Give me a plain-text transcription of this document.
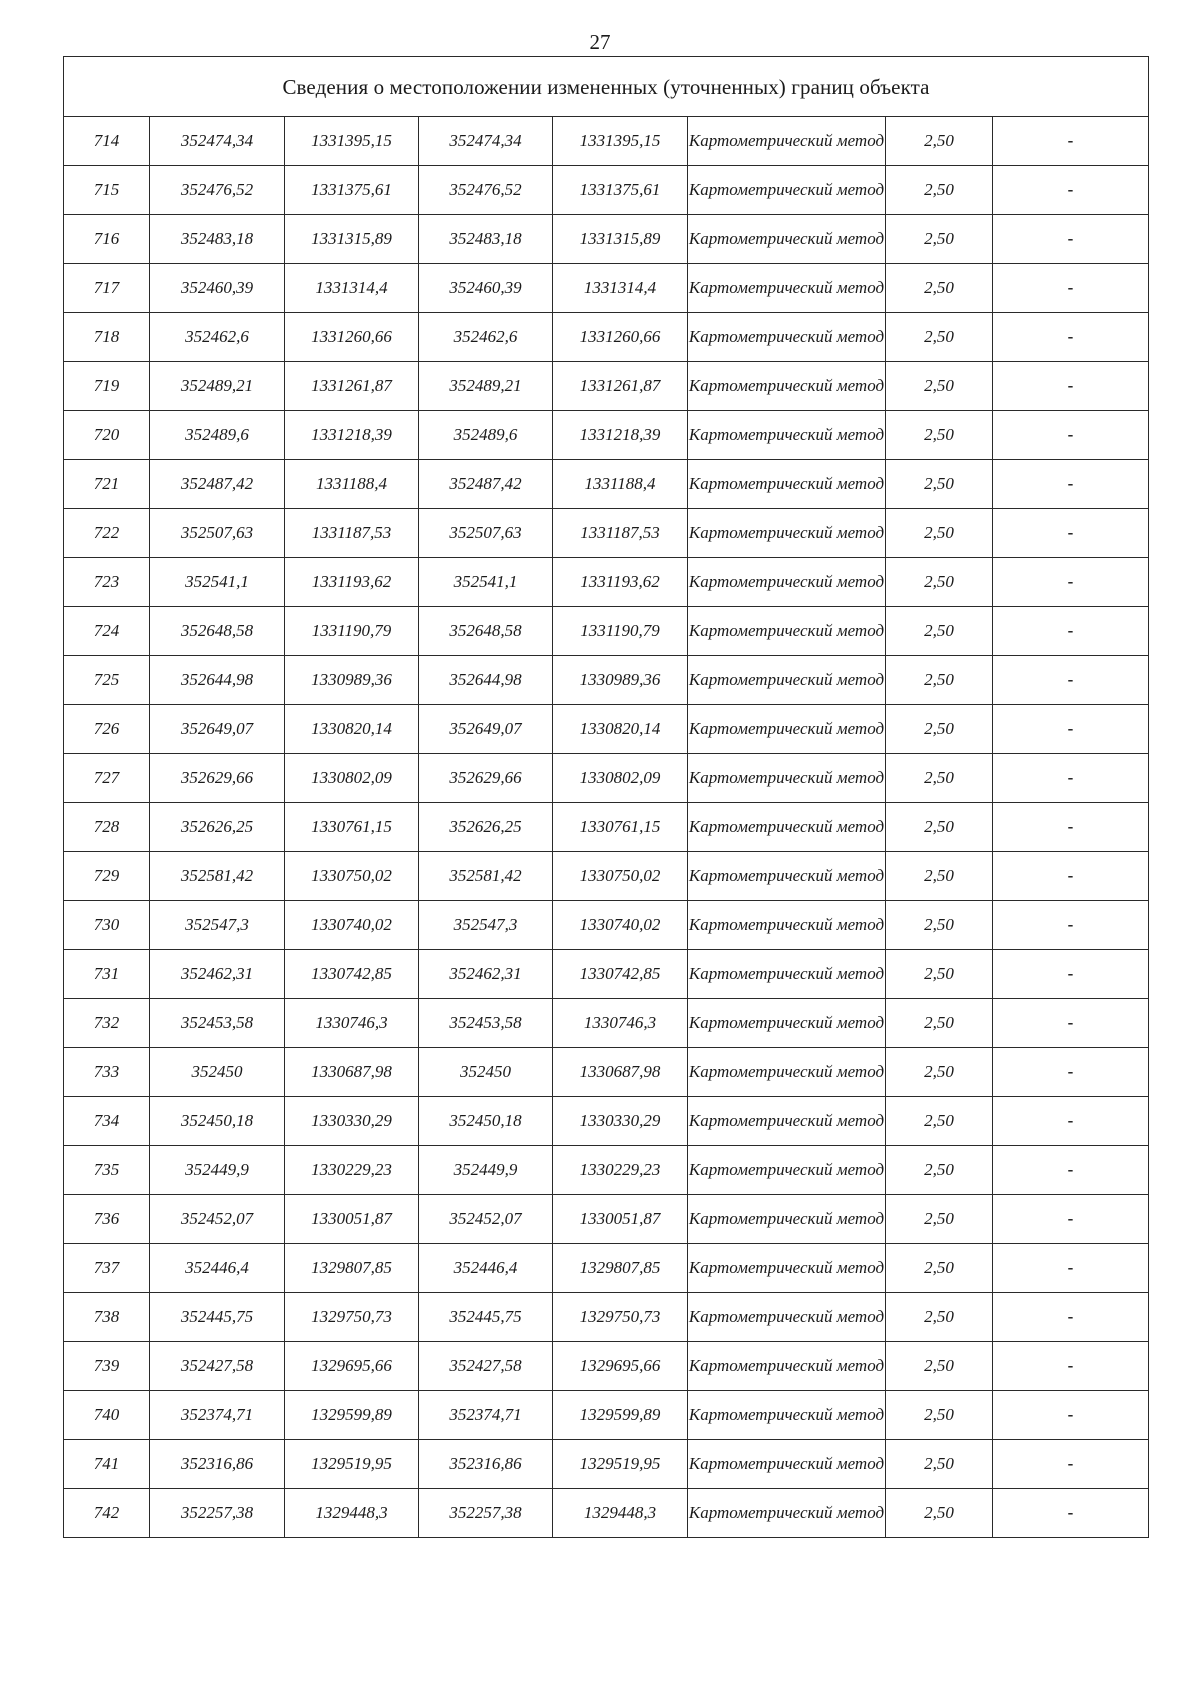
27
Сведения о местоположении измененных (уточненных) границ объекта							
714	352474,34	1331395,15	352474,34	1331395,15	Картометрический метод	2,50	-
715	352476,52	1331375,61	352476,52	1331375,61	Картометрический метод	2,50	-
716	352483,18	1331315,89	352483,18	1331315,89	Картометрический метод	2,50	-
717	352460,39	1331314,4	352460,39	1331314,4	Картометрический метод	2,50	-
718	352462,6	1331260,66	352462,6	1331260,66	Картометрический метод	2,50	-
719	352489,21	1331261,87	352489,21	1331261,87	Картометрический метод	2,50	-
720	352489,6	1331218,39	352489,6	1331218,39	Картометрический метод	2,50	-
721	352487,42	1331188,4	352487,42	1331188,4	Картометрический метод	2,50	-
722	352507,63	1331187,53	352507,63	1331187,53	Картометрический метод	2,50	-
723	352541,1	1331193,62	352541,1	1331193,62	Картометрический метод	2,50	-
724	352648,58	1331190,79	352648,58	1331190,79	Картометрический метод	2,50	-
725	352644,98	1330989,36	352644,98	1330989,36	Картометрический метод	2,50	-
726	352649,07	1330820,14	352649,07	1330820,14	Картометрический метод	2,50	-
727	352629,66	1330802,09	352629,66	1330802,09	Картометрический метод	2,50	-
728	352626,25	1330761,15	352626,25	1330761,15	Картометрический метод	2,50	-
729	352581,42	1330750,02	352581,42	1330750,02	Картометрический метод	2,50	-
730	352547,3	1330740,02	352547,3	1330740,02	Картометрический метод	2,50	-
731	352462,31	1330742,85	352462,31	1330742,85	Картометрический метод	2,50	-
732	352453,58	1330746,3	352453,58	1330746,3	Картометрический метод	2,50	-
733	352450	1330687,98	352450	1330687,98	Картометрический метод	2,50	-
734	352450,18	1330330,29	352450,18	1330330,29	Картометрический метод	2,50	-
735	352449,9	1330229,23	352449,9	1330229,23	Картометрический метод	2,50	-
736	352452,07	1330051,87	352452,07	1330051,87	Картометрический метод	2,50	-
737	352446,4	1329807,85	352446,4	1329807,85	Картометрический метод	2,50	-
738	352445,75	1329750,73	352445,75	1329750,73	Картометрический метод	2,50	-
739	352427,58	1329695,66	352427,58	1329695,66	Картометрический метод	2,50	-
740	352374,71	1329599,89	352374,71	1329599,89	Картометрический метод	2,50	-
741	352316,86	1329519,95	352316,86	1329519,95	Картометрический метод	2,50	-
742	352257,38	1329448,3	352257,38	1329448,3	Картометрический метод	2,50	-
